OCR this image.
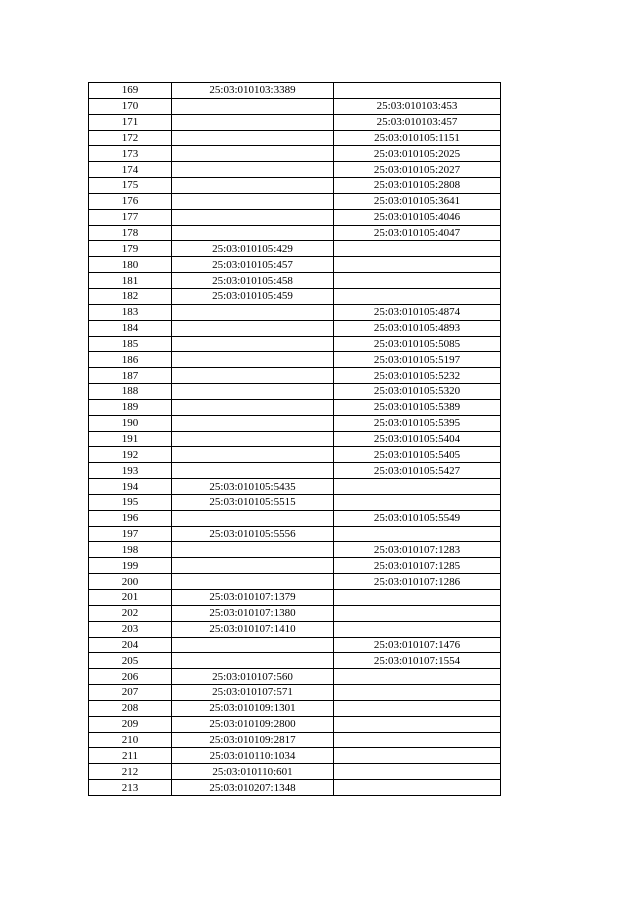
169	25:03:010103:3389	
170		25:03:010103:453
171		25:03:010103:457
172		25:03:010105:1151
173		25:03:010105:2025
174		25:03:010105:2027
175		25:03:010105:2808
176		25:03:010105:3641
177		25:03:010105:4046
178		25:03:010105:4047
179	25:03:010105:429	
180	25:03:010105:457	
181	25:03:010105:458	
182	25:03:010105:459	
183		25:03:010105:4874
184		25:03:010105:4893
185		25:03:010105:5085
186		25:03:010105:5197
187		25:03:010105:5232
188		25:03:010105:5320
189		25:03:010105:5389
190		25:03:010105:5395
191		25:03:010105:5404
192		25:03:010105:5405
193		25:03:010105:5427
194	25:03:010105:5435	
195	25:03:010105:5515	
196		25:03:010105:5549
197	25:03:010105:5556	
198		25:03:010107:1283
199		25:03:010107:1285
200		25:03:010107:1286
201	25:03:010107:1379	
202	25:03:010107:1380	
203	25:03:010107:1410	
204		25:03:010107:1476
205		25:03:010107:1554
206	25:03:010107:560	
207	25:03:010107:571	
208	25:03:010109:1301	
209	25:03:010109:2800	
210	25:03:010109:2817	
211	25:03:010110:1034	
212	25:03:010110:601	
213	25:03:010207:1348	
